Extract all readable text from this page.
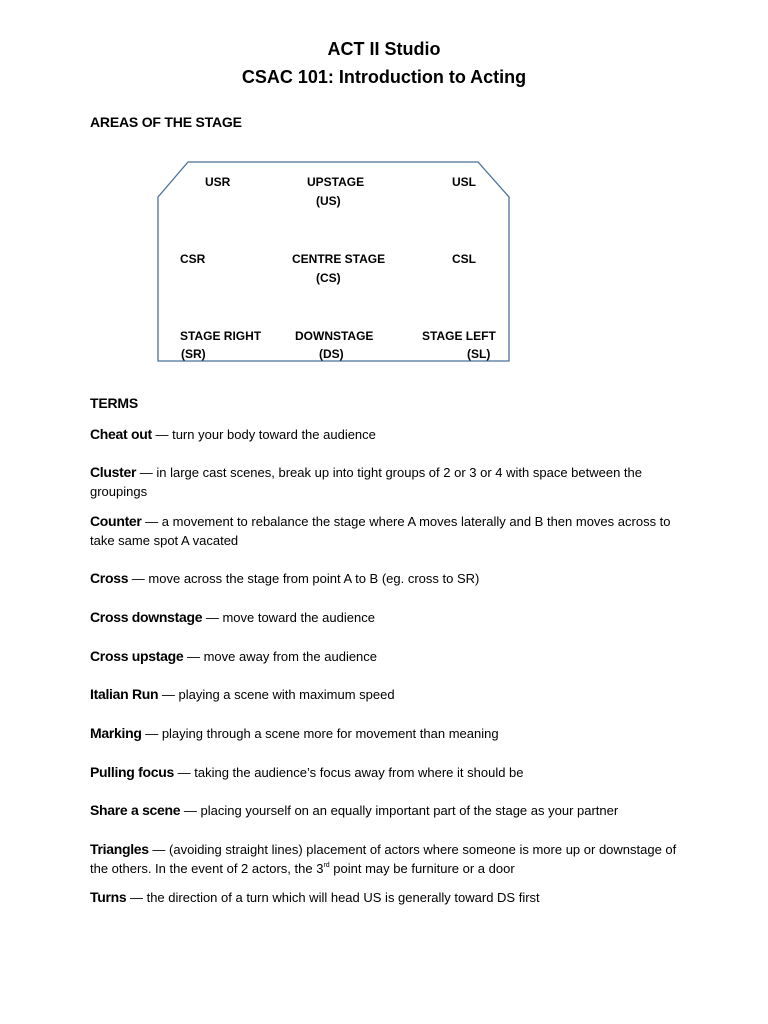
ACT II Studio
CSAC 101: Introduction to Acting
AREAS OF THE STAGE
USR	UPSTAGE
(US)
USL
CSR	CENTRE STAGE
(CS)
CSL
STAGE RIGHT
(SR)
DOWNSTAGE
(DS)
STAGE LEFT
(SL)
TERMS
Cheat out — turn your body toward the audience
Cluster — in large cast scenes, break up into tight groups of 2 or 3 or 4 with space between the groupings
Counter — a movement to rebalance the stage where A moves laterally and B then moves across to take same spot A vacated
Cross — move across the stage from point A to B (eg. cross to SR)
Cross downstage — move toward the audience
Cross upstage — move away from the audience
Italian Run — playing a scene with maximum speed
Marking — playing through a scene more for movement than meaning
Pulling focus — taking the audience’s focus away from where it should be
Share a scene — placing yourself on an equally important part of the stage as your partner
Triangles — (avoiding straight lines) placement of actors where someone is more up or downstage of the others. In the event of 2 actors, the 3rd point may be furniture or a door
Turns — the direction of a turn which will head US is generally toward DS first
